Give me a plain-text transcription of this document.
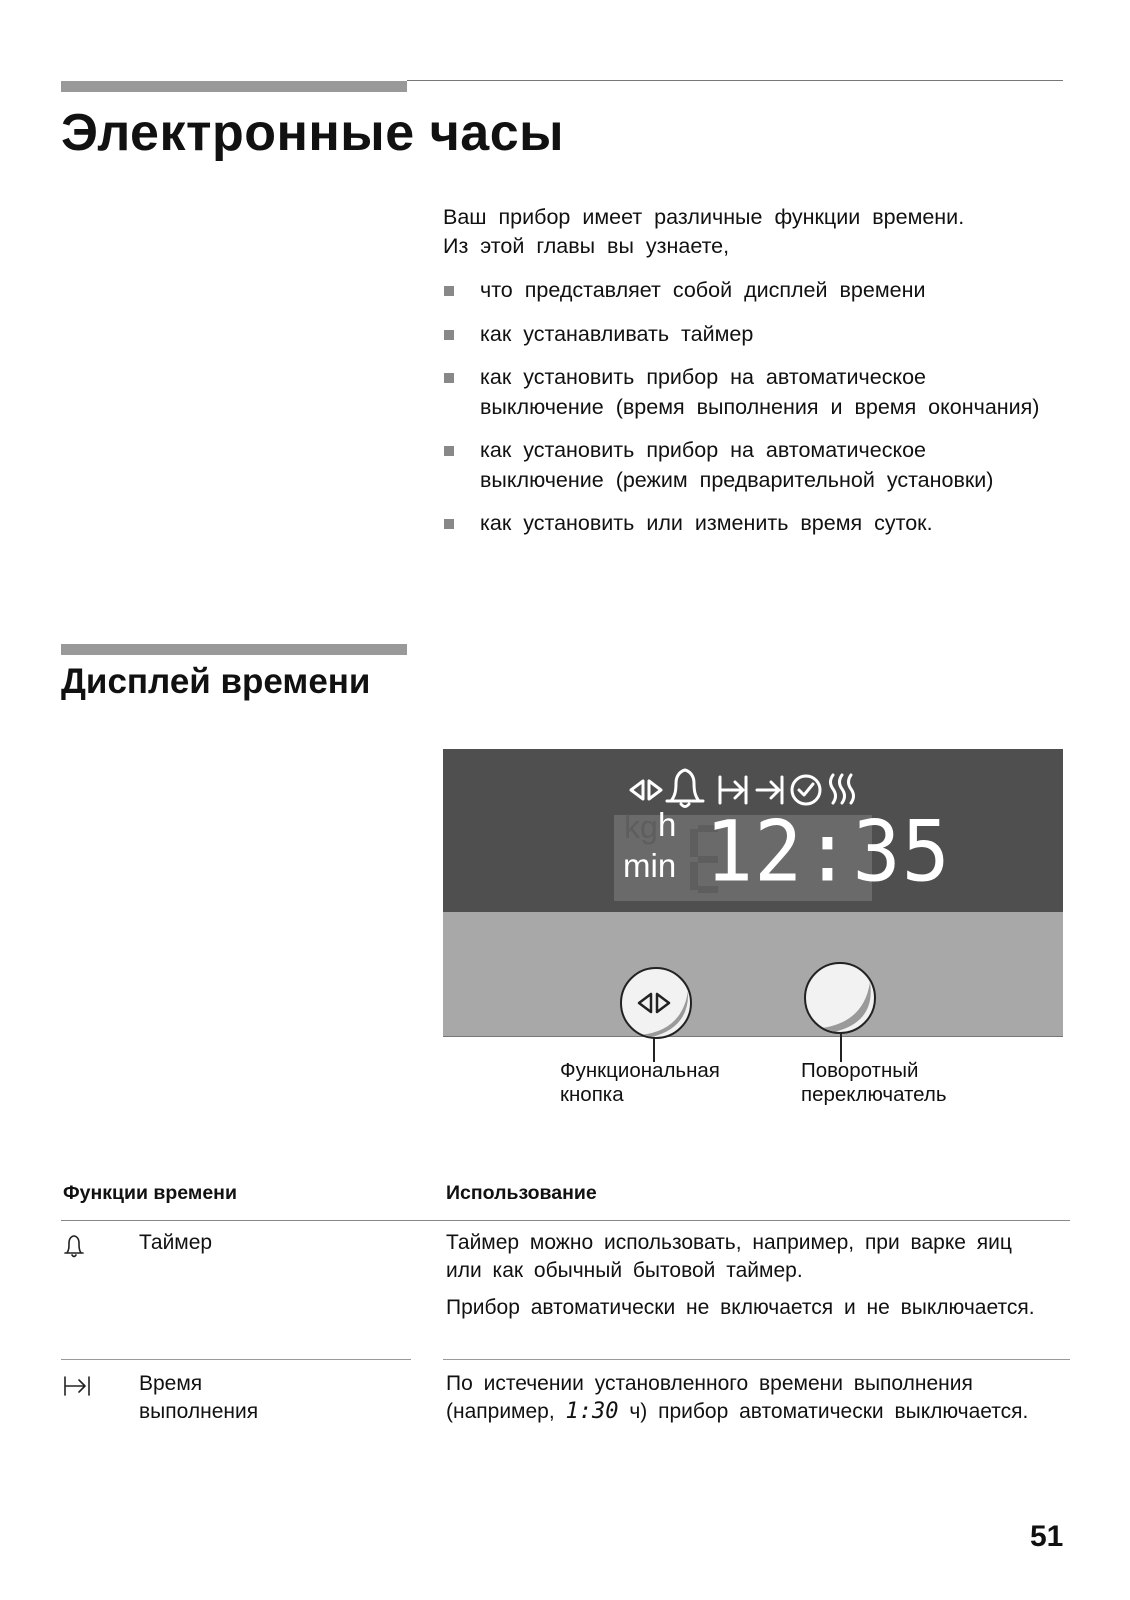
Электронные часы
Ваш прибор имеет различные функции времени.
Из этой главы вы узнаете,
что представляет собой дисплей времени
как устанавливать таймер
как установить прибор на автоматическое выключение (время выполнения и время окончания)
как установить прибор на автоматическое выключение (режим предварительной установки)
как установить или изменить время суток.
Дисплей времени
kg h
min 12:35
Функциональная
кнопка
Поворотный
переключатель
Функции времени	Использование
Таймер	Таймер можно использовать, например, при варке яиц или как обычный бытовой таймер.
Прибор автоматически не включается и не выключается.
Время выполнения
По истечении установленного времени выполнения (например, 1:30 ч) прибор автоматически выключается.
51
